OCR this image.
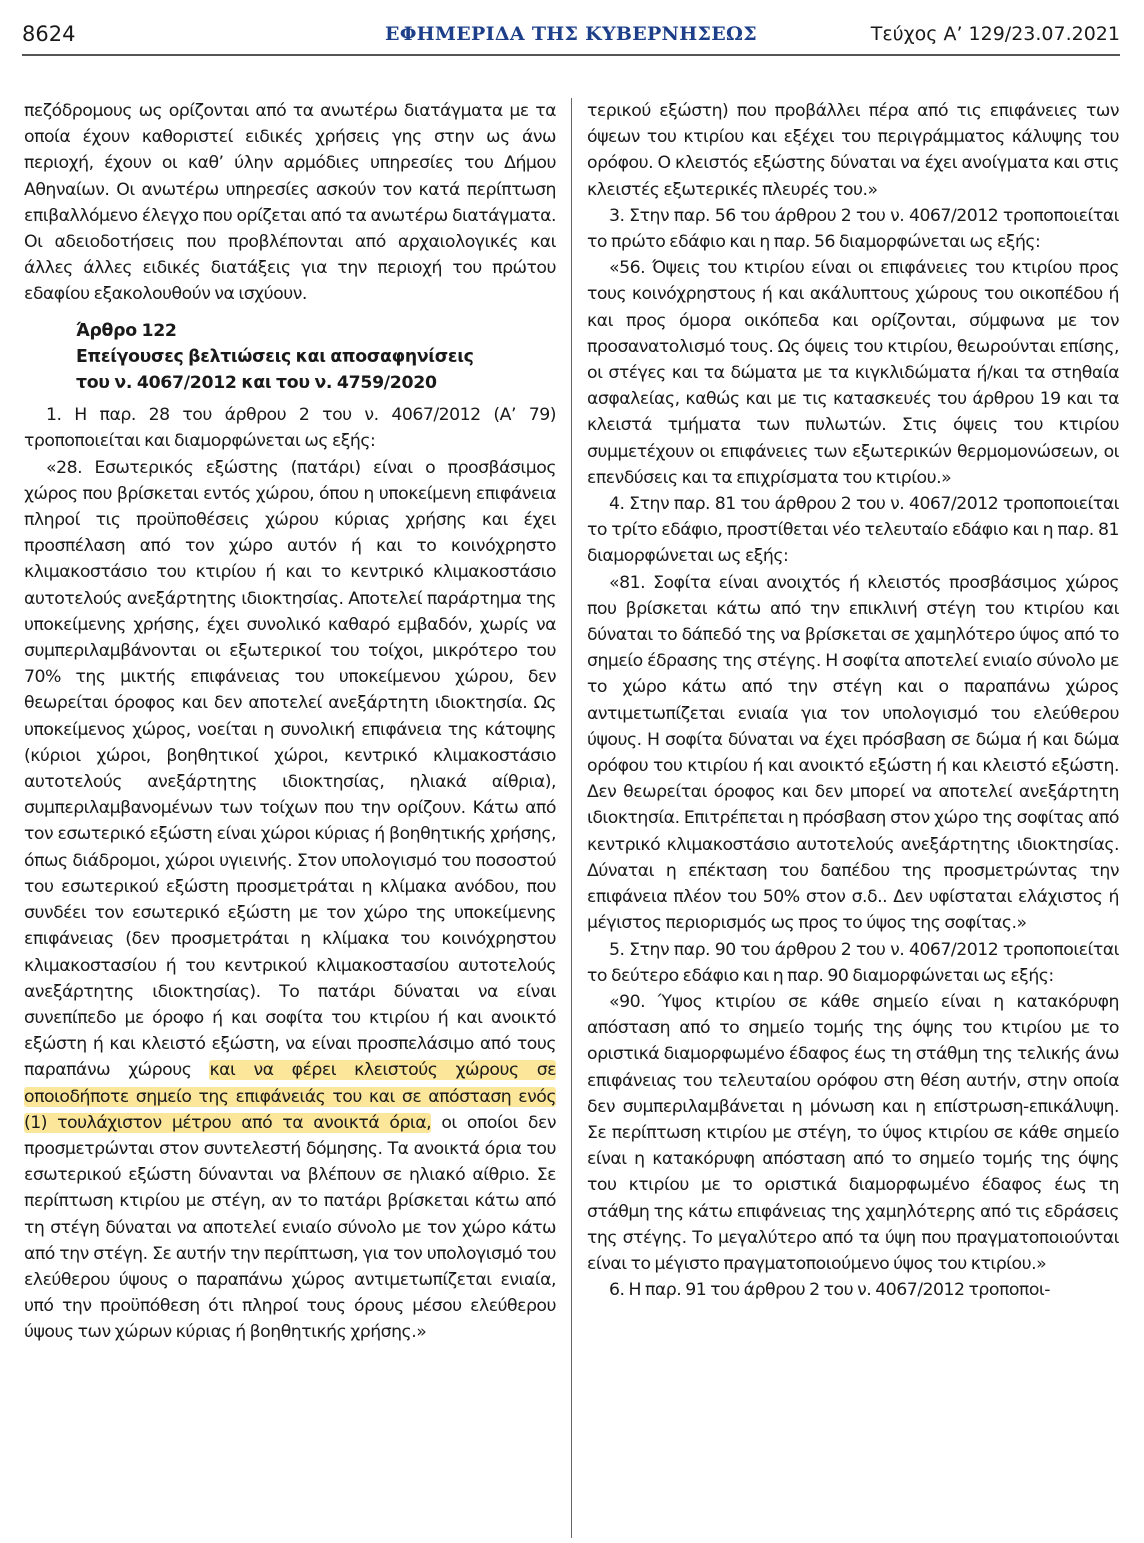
8624	ΕΦΗΜΕΡΙΔΑ ΤΗΣ ΚΥΒΕΡΝΗΣΕΩΣ	Τεύχος Α’ 129/23.07.2021

πεζόδρομους ως ορίζονται από τα ανωτέρω διατάγματα με τα οποία έχουν καθοριστεί ειδικές χρήσεις γης στην ως άνω περιοχή, έχουν οι καθ’ ύλην αρμόδιες υπηρεσίες του Δήμου Αθηναίων. Οι ανωτέρω υπηρεσίες ασκούν τον κατά περίπτωση επιβαλλόμενο έλεγχο που ορίζεται από τα ανωτέρω διατάγματα. Οι αδειοδοτήσεις που προβλέπονται από αρχαιολογικές και άλλες άλλες ειδικές διατάξεις για την περιοχή του πρώτου εδαφίου εξακολουθούν να ισχύουν.

Άρθρο 122
Επείγουσες βελτιώσεις και αποσαφηνίσεις
του ν. 4067/2012 και του ν. 4759/2020

1. Η παρ. 28 του άρθρου 2 του ν. 4067/2012 (Α’ 79) τροποποιείται και διαμορφώνεται ως εξής:

«28. Εσωτερικός εξώστης (πατάρι) είναι ο προσβάσιμος χώρος που βρίσκεται εντός χώρου, όπου η υποκείμενη επιφάνεια πληροί τις προϋποθέσεις χώρου κύριας χρήσης και έχει προσπέλαση από τον χώρο αυτόν ή και το κοινόχρηστο κλιμακοστάσιο του κτιρίου ή και το κεντρικό κλιμακοστάσιο αυτοτελούς ανεξάρτητης ιδιοκτησίας. Αποτελεί παράρτημα της υποκείμενης χρήσης, έχει συνολικό καθαρό εμβαδόν, χωρίς να συμπεριλαμβάνονται οι εξωτερικοί του τοίχοι, μικρότερο του 70% της μικτής επιφάνειας του υποκείμενου χώρου, δεν θεωρείται όροφος και δεν αποτελεί ανεξάρτητη ιδιοκτησία. Ως υποκείμενος χώρος, νοείται η συνολική επιφάνεια της κάτοψης (κύριοι χώροι, βοηθητικοί χώροι, κεντρικό κλιμακοστάσιο αυτοτελούς ανεξάρτητης ιδιοκτησίας, ηλιακά αίθρια), συμπεριλαμβανομένων των τοίχων που την ορίζουν. Κάτω από τον εσωτερικό εξώστη είναι χώροι κύριας ή βοηθητικής χρήσης, όπως διάδρομοι, χώροι υγιεινής. Στον υπολογισμό του ποσοστού του εσωτερικού εξώστη προσμετράται η κλίμακα ανόδου, που συνδέει τον εσωτερικό εξώστη με τον χώρο της υποκείμενης επιφάνειας (δεν προσμετράται η κλίμακα του κοινόχρηστου κλιμακοστασίου ή του κεντρικού κλιμακοστασίου αυτοτελούς ανεξάρτητης ιδιοκτησίας). Το πατάρι δύναται να είναι συνεπίπεδο με όροφο ή και σοφίτα του κτιρίου ή και ανοικτό εξώστη ή και κλειστό εξώστη, να είναι προσπελάσιμο από τους παραπάνω χώρους και να φέρει κλειστούς χώρους σε οποιοδήποτε σημείο της επιφάνειάς του και σε απόσταση ενός (1) τουλάχιστον μέτρου από τα ανοικτά όρια, οι οποίοι δεν προσμετρώνται στον συντελεστή δόμησης. Τα ανοικτά όρια του εσωτερικού εξώστη δύνανται να βλέπουν σε ηλιακό αίθριο. Σε περίπτωση κτιρίου με στέγη, αν το πατάρι βρίσκεται κάτω από τη στέγη δύναται να αποτελεί ενιαίο σύνολο με τον χώρο κάτω από την στέγη. Σε αυτήν την περίπτωση, για τον υπολογισμό του ελεύθερου ύψους ο παραπάνω χώρος αντιμετωπίζεται ενιαία, υπό την προϋπόθεση ότι πληροί τους όρους μέσου ελεύθερου ύψους των χώρων κύριας ή βοηθητικής χρήσης.»

τερικού εξώστη) που προβάλλει πέρα από τις επιφάνειες των όψεων του κτιρίου και εξέχει του περιγράμματος κάλυψης του ορόφου. Ο κλειστός εξώστης δύναται να έχει ανοίγματα και στις κλειστές εξωτερικές πλευρές του.»

3. Στην παρ. 56 του άρθρου 2 του ν. 4067/2012 τροποποιείται το πρώτο εδάφιο και η παρ. 56 διαμορφώνεται ως εξής:

«56. Όψεις του κτιρίου είναι οι επιφάνειες του κτιρίου προς τους κοινόχρηστους ή και ακάλυπτους χώρους του οικοπέδου ή και προς όμορα οικόπεδα και ορίζονται, σύμφωνα με τον προσανατολισμό τους. Ως όψεις του κτιρίου, θεωρούνται επίσης, οι στέγες και τα δώματα με τα κιγκλιδώματα ή/και τα στηθαία ασφαλείας, καθώς και με τις κατασκευές του άρθρου 19 και τα κλειστά τμήματα των πυλωτών. Στις όψεις του κτιρίου συμμετέχουν οι επιφάνειες των εξωτερικών θερμομονώσεων, οι επενδύσεις και τα επιχρίσματα του κτιρίου.»

4. Στην παρ. 81 του άρθρου 2 του ν. 4067/2012 τροποποιείται το τρίτο εδάφιο, προστίθεται νέο τελευταίο εδάφιο και η παρ. 81 διαμορφώνεται ως εξής:

«81. Σοφίτα είναι ανοιχτός ή κλειστός προσβάσιμος χώρος που βρίσκεται κάτω από την επικλινή στέγη του κτιρίου και δύναται το δάπεδό της να βρίσκεται σε χαμηλότερο ύψος από το σημείο έδρασης της στέγης. Η σοφίτα αποτελεί ενιαίο σύνολο με το χώρο κάτω από την στέγη και ο παραπάνω χώρος αντιμετωπίζεται ενιαία για τον υπολογισμό του ελεύθερου ύψους. Η σοφίτα δύναται να έχει πρόσβαση σε δώμα ή και δώμα ορόφου του κτιρίου ή και ανοικτό εξώστη ή και κλειστό εξώστη. Δεν θεωρείται όροφος και δεν μπορεί να αποτελεί ανεξάρτητη ιδιοκτησία. Επιτρέπεται η πρόσβαση στον χώρο της σοφίτας από κεντρικό κλιμακοστάσιο αυτοτελούς ανεξάρτητης ιδιοκτησίας. Δύναται η επέκταση του δαπέδου της προσμετρώντας την επιφάνεια πλέον του 50% στον σ.δ.. Δεν υφίσταται ελάχιστος ή μέγιστος περιορισμός ως προς το ύψος της σοφίτας.»

5. Στην παρ. 90 του άρθρου 2 του ν. 4067/2012 τροποποιείται το δεύτερο εδάφιο και η παρ. 90 διαμορφώνεται ως εξής:

«90. Ύψος κτιρίου σε κάθε σημείο είναι η κατακόρυφη απόσταση από το σημείο τομής της όψης του κτιρίου με το οριστικά διαμορφωμένο έδαφος έως τη στάθμη της τελικής άνω επιφάνειας του τελευταίου ορόφου στη θέση αυτήν, στην οποία δεν συμπεριλαμβάνεται η μόνωση και η επίστρωση-επικάλυψη. Σε περίπτωση κτιρίου με στέγη, το ύψος κτιρίου σε κάθε σημείο είναι η κατακόρυφη απόσταση από το σημείο τομής της όψης του κτιρίου με το οριστικά διαμορφωμένο έδαφος έως τη στάθμη της κάτω επιφάνειας της χαμηλότερης από τις εδράσεις της στέγης. Το μεγαλύτερο από τα ύψη που πραγματοποιούνται είναι το μέγιστο πραγματοποιούμενο ύψος του κτιρίου.»

6. Η παρ. 91 του άρθρου 2 του ν. 4067/2012 τροποποι-
